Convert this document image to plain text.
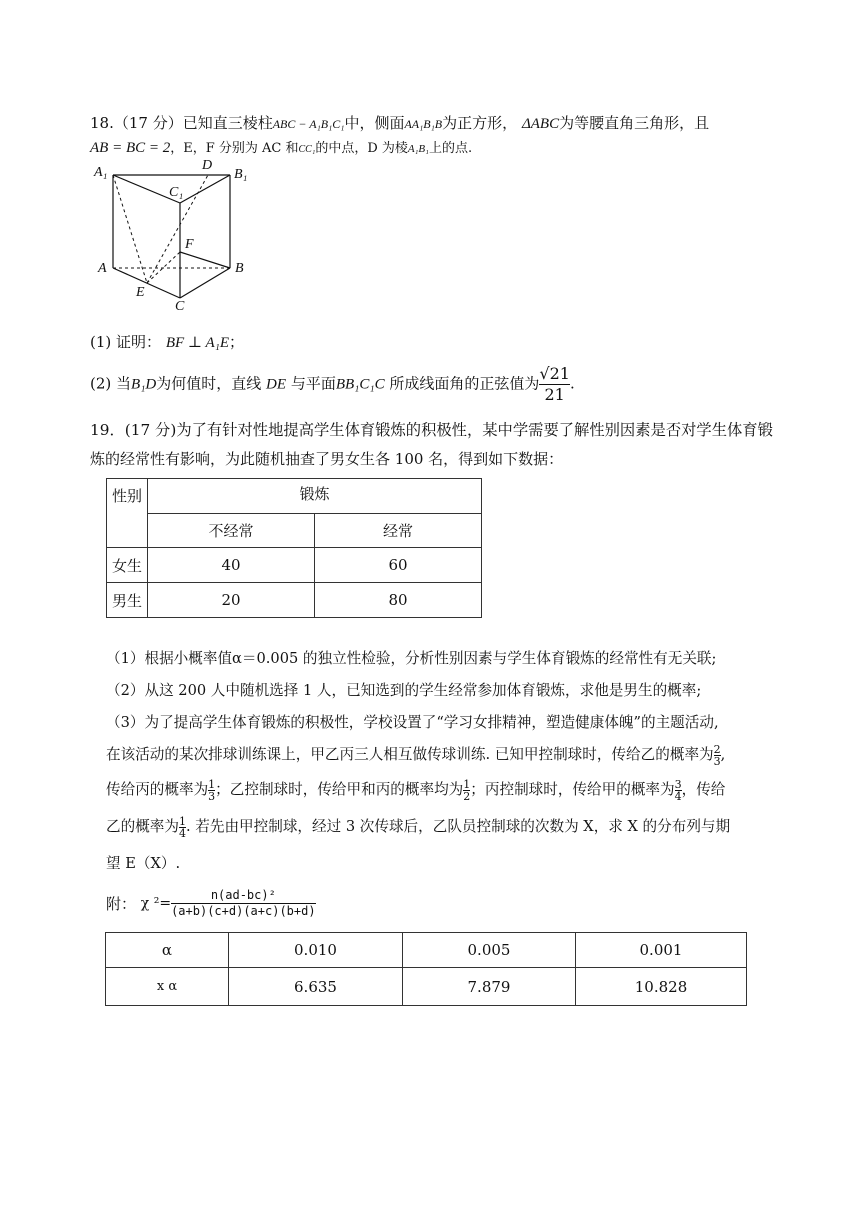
18.（17 分）已知直三棱柱ABC − A₁B₁C₁中，侧面AA₁B₁B为正方形， ΔABC为等腰直角三角形，且
AB = BC = 2，E，F 分别为 AC 和CC₁的中点，D 为棱A₁B₁上的点.
A₁	D
B₁
C₁
F
A	B
E
C
(1) 证明： BF ⊥ A₁E；
(2) 当B₁D为何值时，直线 DE 与平面BB₁C₁C 所成线面角的正弦值为 $\frac{√21}{21}$ .
19．(17 分)为了有针对性地提高学生体育锻炼的积极性，某中学需要了解性别因素是否对学生体育锻
炼的经常性有影响，为此随机抽查了男女生各 100 名，得到如下数据：
性别	锻炼	
	不经常	经常
女生	40	60
男生	20	80
（1）根据小概率值α＝0.005 的独立性检验，分析性别因素与学生体育锻炼的经常性有无关联;
（2）从这 200 人中随机选择 1 人，已知选到的学生经常参加体育锻炼，求他是男生的概率;
（3）为了提高学生体育锻炼的积极性，学校设置了“学习女排精神，塑造健康体魄”的主题活动,
在该活动的某次排球训练课上，甲乙丙三人相互做传球训练. 已知甲控制球时，传给乙的概率为 $\frac{2}{3}$ ,
传给丙的概率为 $\frac{1}{3}$ ；乙控制球时，传给甲和丙的概率均为 $\frac{1}{2}$ ；丙控制球时，传给甲的概率为 $\frac{3}{4}$ ，传给
乙的概率为 $\frac{1}{4}$ . 若先由甲控制球，经过 3 次传球后，乙队员控制球的次数为 X，求 X 的分布列与期
望 E（X）.
附： χ $^2= \frac{\text{n(ad-bc)²}}{(a+b)(c+d)(a+c)(b+d)}$
α	0.010	0.005	0.001
x α	6.635	7.879	10.828
